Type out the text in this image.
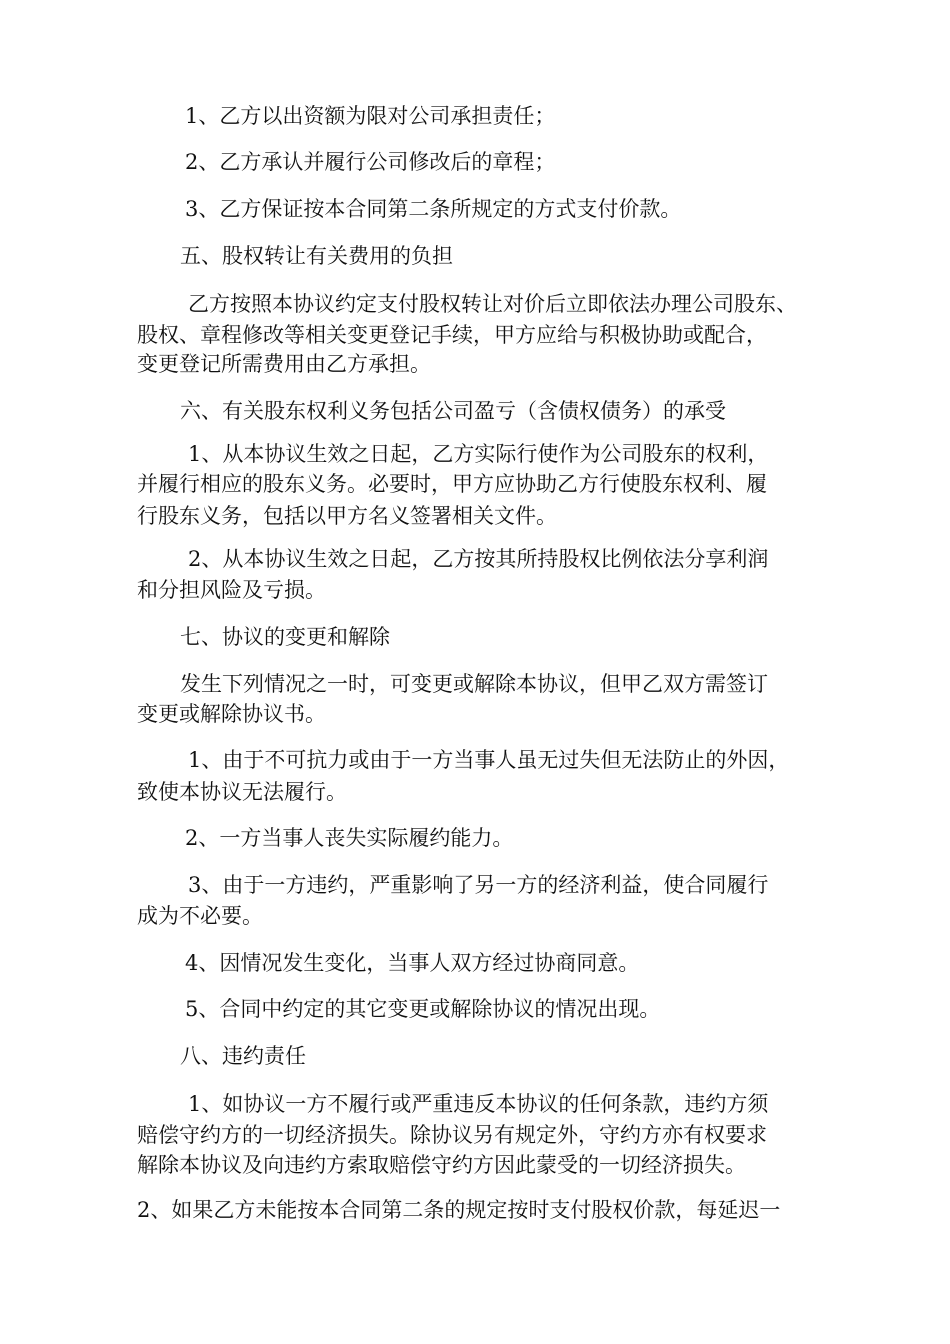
1、乙方以出资额为限对公司承担责任；
2、乙方承认并履行公司修改后的章程；
3、乙方保证按本合同第二条所规定的方式支付价款。
五、股权转让有关费用的负担
乙方按照本协议约定支付股权转让对价后立即依法办理公司股东、
股权、章程修改等相关变更登记手续，甲方应给与积极协助或配合，
变更登记所需费用由乙方承担。
六、有关股东权利义务包括公司盈亏（含债权债务）的承受
1、从本协议生效之日起，乙方实际行使作为公司股东的权利，
并履行相应的股东义务。必要时，甲方应协助乙方行使股东权利、履
行股东义务，包括以甲方名义签署相关文件。
2、从本协议生效之日起，乙方按其所持股权比例依法分享利润
和分担风险及亏损。
七、协议的变更和解除
发生下列情况之一时，可变更或解除本协议，但甲乙双方需签订
变更或解除协议书。
1、由于不可抗力或由于一方当事人虽无过失但无法防止的外因，
致使本协议无法履行。
2、一方当事人丧失实际履约能力。
3、由于一方违约，严重影响了另一方的经济利益，使合同履行
成为不必要。
4、因情况发生变化，当事人双方经过协商同意。
5、合同中约定的其它变更或解除协议的情况出现。
八、违约责任
1、如协议一方不履行或严重违反本协议的任何条款，违约方须
赔偿守约方的一切经济损失。除协议另有规定外，守约方亦有权要求
解除本协议及向违约方索取赔偿守约方因此蒙受的一切经济损失。
2、如果乙方未能按本合同第二条的规定按时支付股权价款，每延迟一
